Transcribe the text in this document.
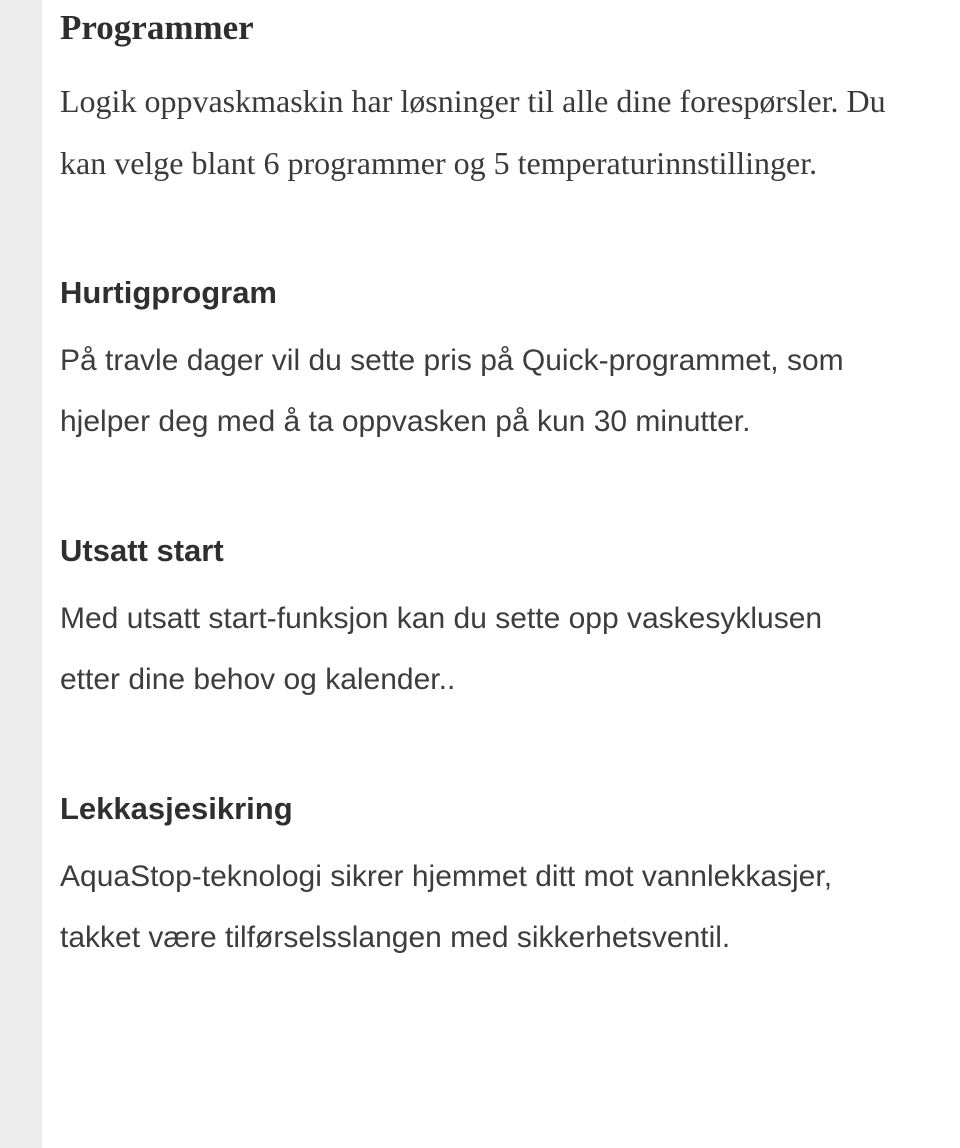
Programmer

Logik oppvaskmaskin har løsninger til alle dine forespørsler. Du kan velge blant 6 programmer og 5 temperaturinnstillinger.

Hurtigprogram

På travle dager vil du sette pris på Quick-programmet, som hjelper deg med å ta oppvasken på kun 30 minutter.

Utsatt start

Med utsatt start-funksjon kan du sette opp vaskesyklusen etter dine behov og kalender..

Lekkasjesikring

AquaStop-teknologi sikrer hjemmet ditt mot vannlekkasjer, takket være tilførselsslangen med sikkerhetsventil.
